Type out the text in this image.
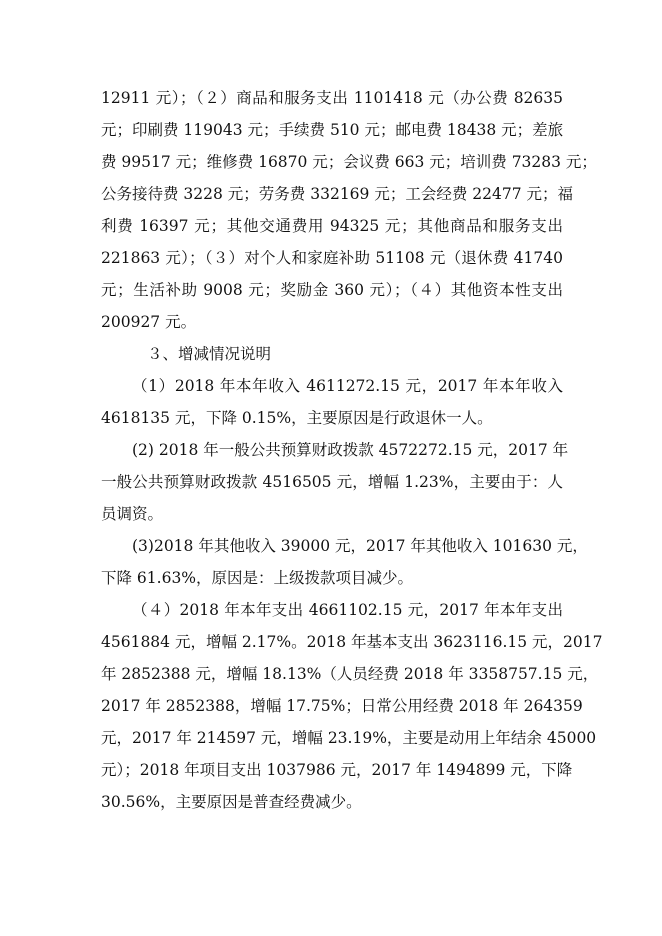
12911 元）；（２）商品和服务支出 1101418 元（办公费 82635
元；印刷费 119043 元；手续费 510 元；邮电费 18438 元；差旅
费 99517 元；维修费 16870 元；会议费 663 元；培训费 73283 元；
公务接待费 3228 元；劳务费 332169 元；工会经费 22477 元；福
利费 16397 元；其他交通费用 94325 元；其他商品和服务支出
221863 元）；（３）对个人和家庭补助 51108 元（退休费 41740
元；生活补助 9008 元；奖励金 360 元）；（４）其他资本性支出
200927 元。

３、增减情况说明

（1）2018 年本年收入 4611272.15 元，2017 年本年收入
4618135 元，下降 0.15%，主要原因是行政退休一人。

(2) 2018 年一般公共预算财政拨款 4572272.15 元，2017 年
一般公共预算财政拨款 4516505 元，增幅 1.23%，主要由于：人
员调资。

(3)2018 年其他收入 39000 元，2017 年其他收入 101630 元，
下降 61.63%，原因是：上级拨款项目减少。

（４）2018 年本年支出 4661102.15 元，2017 年本年支出
4561884 元，增幅 2.17%。2018 年基本支出 3623116.15 元，2017
年 2852388 元，增幅 18.13%（人员经费 2018 年 3358757.15 元，
2017 年 2852388，增幅 17.75%；日常公用经费 2018 年 264359
元，2017 年 214597 元，增幅 23.19%，主要是动用上年结余 45000
元）；2018 年项目支出 1037986 元，2017 年 1494899 元，下降
30.56%，主要原因是普查经费减少。
